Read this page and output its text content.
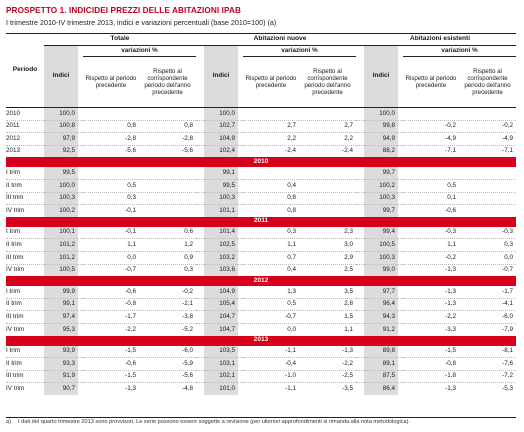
PROSPETTO 1. INDICIDEI PREZZI DELLE ABITAZIONI IPAB
I trimestre 2010-IV trimestre 2013, indici e variazioni percentuali (base 2010=100) (a)
Periodo	Totale					Abitazioni nuove					Abitazioni esistenti			
	Indici		variazioni %			Indici		variazioni %			Indici		variazioni %	
			Rispetto al periodo precedente	Rispetto al corrispondente periodo dell'anno precedente				Rispetto al periodo precedente	Rispetto al corrispondente periodo dell'anno precedente				Rispetto al periodo precedente	Rispetto al corrispondente periodo dell'anno precedente
2010	100,0					100,0					100,0			
2011	100,8		0,8	0,8		102,7		2,7	2,7		99,8		-0,2	-0,2
2012	97,9		-2,8	-2,8		104,9		2,2	2,2		94,9		-4,9	-4,9
2013	92,5		-5,6	-5,6		102,4		-2,4	-2,4		88,2		-7,1	-7,1
2010														
I trim	99,5					99,1					99,7			
II trim	100,0		0,5			99,5		0,4			100,2		0,5	
III trim	100,3		0,3			100,3		0,8			100,3		0,1	
IV trim	100,2		-0,1			101,1		0,8			99,7		-0,6	
2011														
I trim	100,1		-0,1	0,6		101,4		0,3	2,3		99,4		-0,3	-0,3
II trim	101,2		1,1	1,2		102,5		1,1	3,0		100,5		1,1	0,3
III trim	101,2		0,0	0,9		103,2		0,7	2,9		100,3		-0,2	0,0
IV trim	100,5		-0,7	0,3		103,6		0,4	2,5		99,0		-1,3	-0,7
2012														
I trim	99,9		-0,6	-0,2		104,9		1,3	3,5		97,7		-1,3	-1,7
II trim	99,1		-0,8	-2,1		105,4		0,5	2,8		96,4		-1,3	-4,1
III trim	97,4		-1,7	-3,8		104,7		-0,7	1,5		94,3		-2,2	-6,0
IV trim	95,3		-2,2	-5,2		104,7		0,0	1,1		91,2		-3,3	-7,9
2013														
I trim	93,9		-1,5	-6,0		103,5		-1,1	-1,3		89,8		-1,5	-8,1
II trim	93,3		-0,6	-5,9		103,1		-0,4	-2,2		89,1		-0,8	-7,6
III trim	91,9		-1,5	-5,6		102,1		-1,0	-2,5		87,5		-1,8	-7,2
IV trim	90,7		-1,3	-4,8		101,0		-1,1	-3,5		86,4		-1,3	-5,3
a) I dati del quarto trimestre 2013 sono provvisori. Le serie possono essere soggette a revisione (per ulteriori approfondimenti si rimanda alla nota metodologica).
